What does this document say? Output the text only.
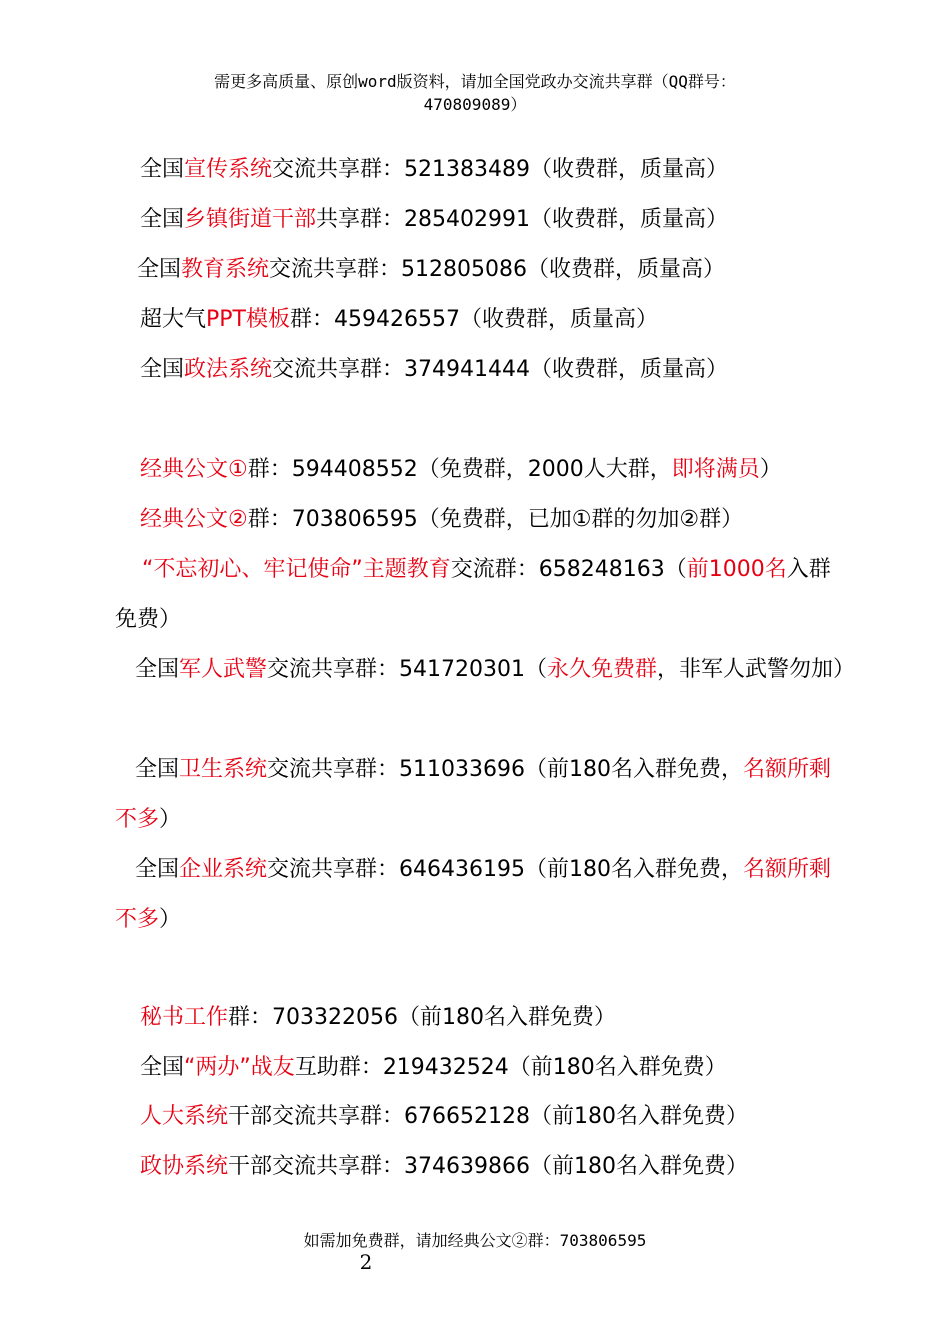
需更多高质量、原创word版资料，请加全国党政办交流共享群（QQ群号：
470809089）
全国宣传系统交流共享群：521383489（收费群，质量高）
全国乡镇街道干部共享群：285402991（收费群，质量高）
全国教育系统交流共享群：512805086（收费群，质量高）
超大气PPT模板群：459426557（收费群，质量高）
全国政法系统交流共享群：374941444（收费群，质量高）
经典公文①群：594408552（免费群，2000人大群，即将满员）
经典公文②群：703806595（免费群，已加①群的勿加②群）
“不忘初心、牢记使命”主题教育交流群：658248163（前1000名入群免费）
全国军人武警交流共享群：541720301（永久免费群，非军人武警勿加）
全国卫生系统交流共享群：511033696（前180名入群免费，名额所剩不多）
全国企业系统交流共享群：646436195（前180名入群免费，名额所剩不多）
秘书工作群：703322056（前180名入群免费）
全国“两办”战友互助群：219432524（前180名入群免费）
人大系统干部交流共享群：676652128（前180名入群免费）
政协系统干部交流共享群：374639866（前180名入群免费）
如需加免费群，请加经典公文②群：703806595
2
